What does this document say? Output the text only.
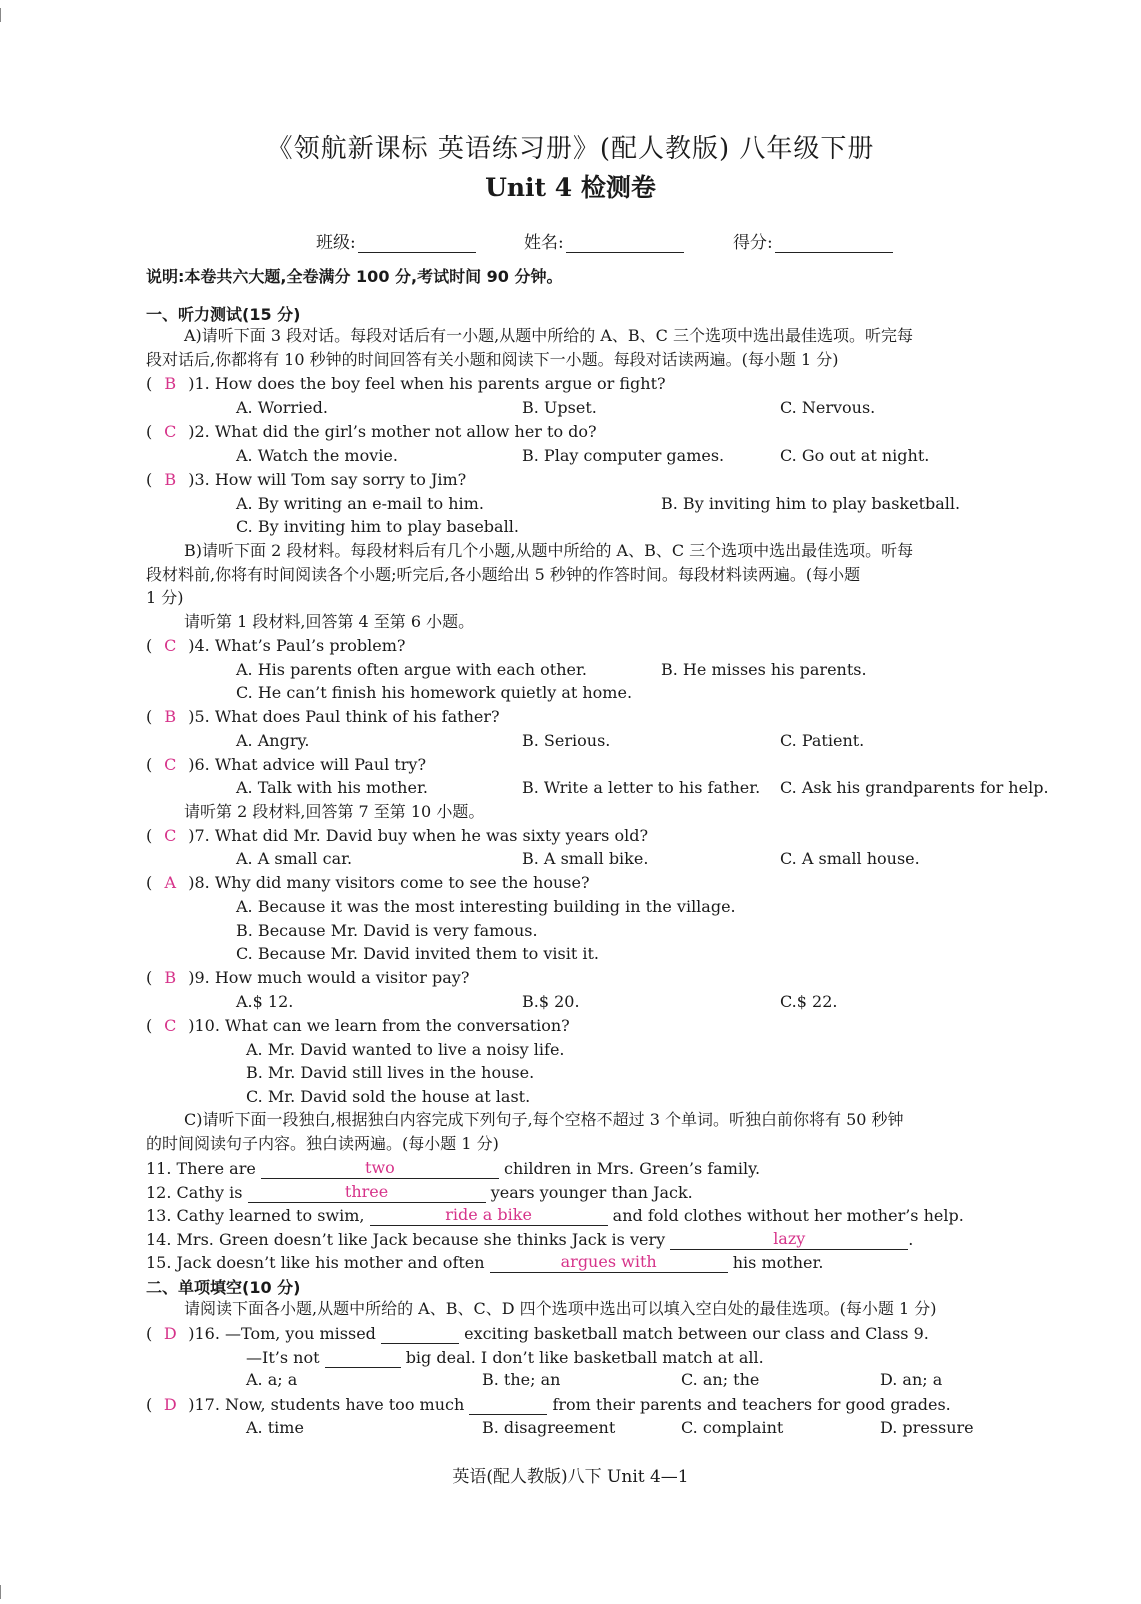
《领航新课标 英语练习册》(配人教版) 八年级下册
Unit 4 检测卷
班级:	姓名:	得分:
说明:本卷共六大题,全卷满分 100 分,考试时间 90 分钟。
一、听力测试(15 分)
A)请听下面 3 段对话。每段对话后有一小题,从题中所给的 A、B、C 三个选项中选出最佳选项。听完每
段对话后,你都将有 10 秒钟的时间回答有关小题和阅读下一小题。每段对话读两遍。(每小题 1 分)
( B )1. How does the boy feel when his parents argue or fight?
A. Worried.	B. Upset.	C. Nervous.
( C )2. What did the girl’s mother not allow her to do?
A. Watch the movie.	B. Play computer games.	C. Go out at night.
( B )3. How will Tom say sorry to Jim?
A. By writing an e-mail to him.	B. By inviting him to play basketball.
C. By inviting him to play baseball.
B)请听下面 2 段材料。每段材料后有几个小题,从题中所给的 A、B、C 三个选项中选出最佳选项。听每
段材料前,你将有时间阅读各个小题;听完后,各小题给出 5 秒钟的作答时间。每段材料读两遍。(每小题
1 分)
请听第 1 段材料,回答第 4 至第 6 小题。
( C )4. What’s Paul’s problem?
A. His parents often argue with each other.	B. He misses his parents.
C. He can’t finish his homework quietly at home.
( B )5. What does Paul think of his father?
A. Angry.	B. Serious.	C. Patient.
( C )6. What advice will Paul try?
A. Talk with his mother.	B. Write a letter to his father. C. Ask his grandparents for help.
请听第 2 段材料,回答第 7 至第 10 小题。
( C )7. What did Mr. David buy when he was sixty years old?
A. A small car.	B. A small bike.	C. A small house.
( A )8. Why did many visitors come to see the house?
A. Because it was the most interesting building in the village.
B. Because Mr. David is very famous.
C. Because Mr. David invited them to visit it.
( B )9. How much would a visitor pay?
A.$ 12.	B.$ 20.	C.$ 22.
( C )10. What can we learn from the conversation?
A. Mr. David wanted to live a noisy life.
B. Mr. David still lives in the house.
C. Mr. David sold the house at last.
C)请听下面一段独白,根据独白内容完成下列句子,每个空格不超过 3 个单词。听独白前你将有 50 秒钟
的时间阅读句子内容。独白读两遍。(每小题 1 分)
11. There are	two	children in Mrs. Green’s family.
12. Cathy is	three	years younger than Jack.
13. Cathy learned to swim,	ride a bike	and fold clothes without her mother’s help.
14. Mrs. Green doesn’t like Jack because she thinks Jack is very	lazy	.
15. Jack doesn’t like his mother and often	argues with	his mother.
二、单项填空(10 分)
请阅读下面各小题,从题中所给的 A、B、C、D 四个选项中选出可以填入空白处的最佳选项。(每小题 1 分)
( D )16. —Tom, you missed	exciting basketball match between our class and Class 9.
—It’s not	big deal. I don’t like basketball match at all.
A. a; a	B. the; an	C. an; the	D. an; a
( D )17. Now, students have too much	from their parents and teachers for good grades.
A. time	B. disagreement	C. complaint	D. pressure
英语(配人教版)八下 Unit 4—1
